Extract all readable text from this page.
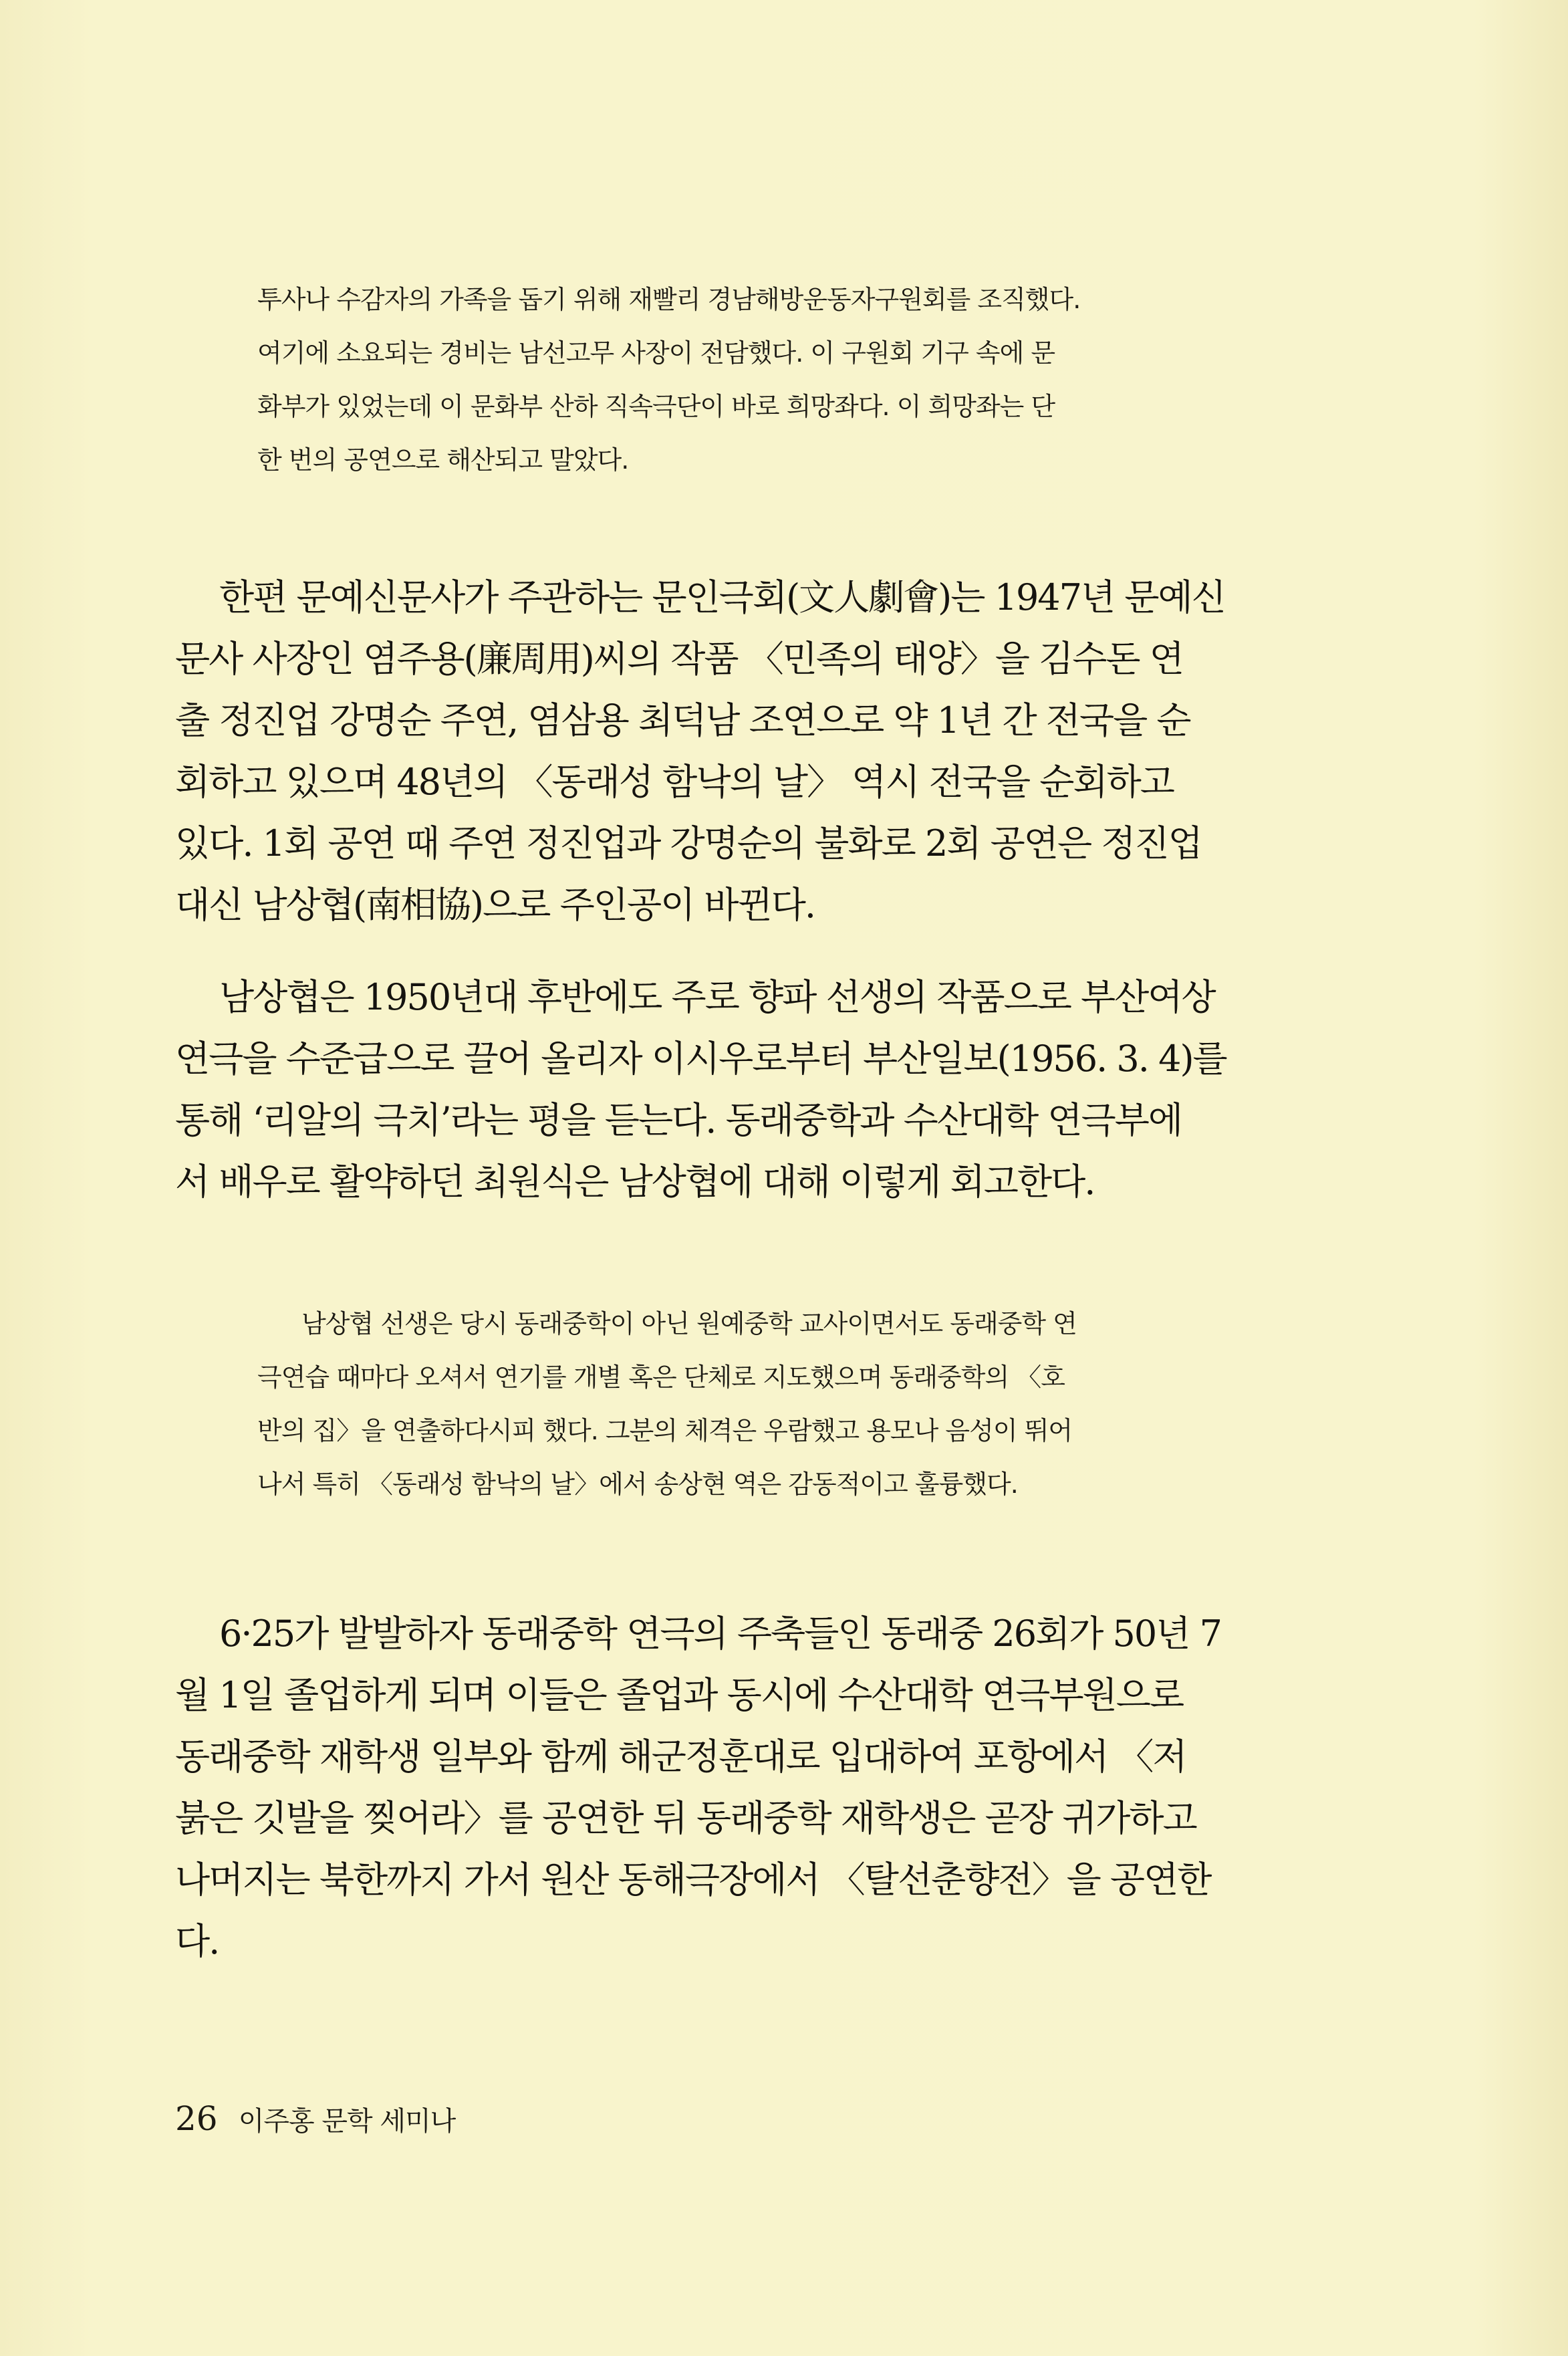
투사나 수감자의 가족을 돕기 위해 재빨리 경남해방운동자구원회를 조직했다.

여기에 소요되는 경비는 남선고무 사장이 전담했다. 이 구원회 기구 속에 문

화부가 있었는데 이 문화부 산하 직속극단이 바로 희망좌다. 이 희망좌는 단

한 번의 공연으로 해산되고 말았다.

한편 문예신문사가 주관하는 문인극회(文人劇會)는 1947년 문예신

문사 사장인 염주용(廉周用)씨의 작품 〈민족의 태양〉을 김수돈 연

출 정진업 강명순 주연, 염삼용 최덕남 조연으로 약 1년 간 전국을 순

회하고 있으며 48년의 〈동래성 함낙의 날〉 역시 전국을 순회하고

있다. 1회 공연 때 주연 정진업과 강명순의 불화로 2회 공연은 정진업

대신 남상협(南相協)으로 주인공이 바뀐다.

남상협은 1950년대 후반에도 주로 향파 선생의 작품으로 부산여상

연극을 수준급으로 끌어 올리자 이시우로부터 부산일보(1956. 3. 4)를

통해 ‘리알의 극치’라는 평을 듣는다. 동래중학과 수산대학 연극부에

서 배우로 활약하던 최원식은 남상협에 대해 이렇게 회고한다.

남상협 선생은 당시 동래중학이 아닌 원예중학 교사이면서도 동래중학 연

극연습 때마다 오셔서 연기를 개별 혹은 단체로 지도했으며 동래중학의 〈호

반의 집〉을 연출하다시피 했다. 그분의 체격은 우람했고 용모나 음성이 뛰어

나서 특히 〈동래성 함낙의 날〉에서 송상현 역은 감동적이고 훌륭했다.

6·25가 발발하자 동래중학 연극의 주축들인 동래중 26회가 50년 7

월 1일 졸업하게 되며 이들은 졸업과 동시에 수산대학 연극부원으로

동래중학 재학생 일부와 함께 해군정훈대로 입대하여 포항에서 〈저

붉은 깃발을 찢어라〉를 공연한 뒤 동래중학 재학생은 곧장 귀가하고

나머지는 북한까지 가서 원산 동해극장에서 〈탈선춘향전〉을 공연한

다.

26 이주홍 문학 세미나
